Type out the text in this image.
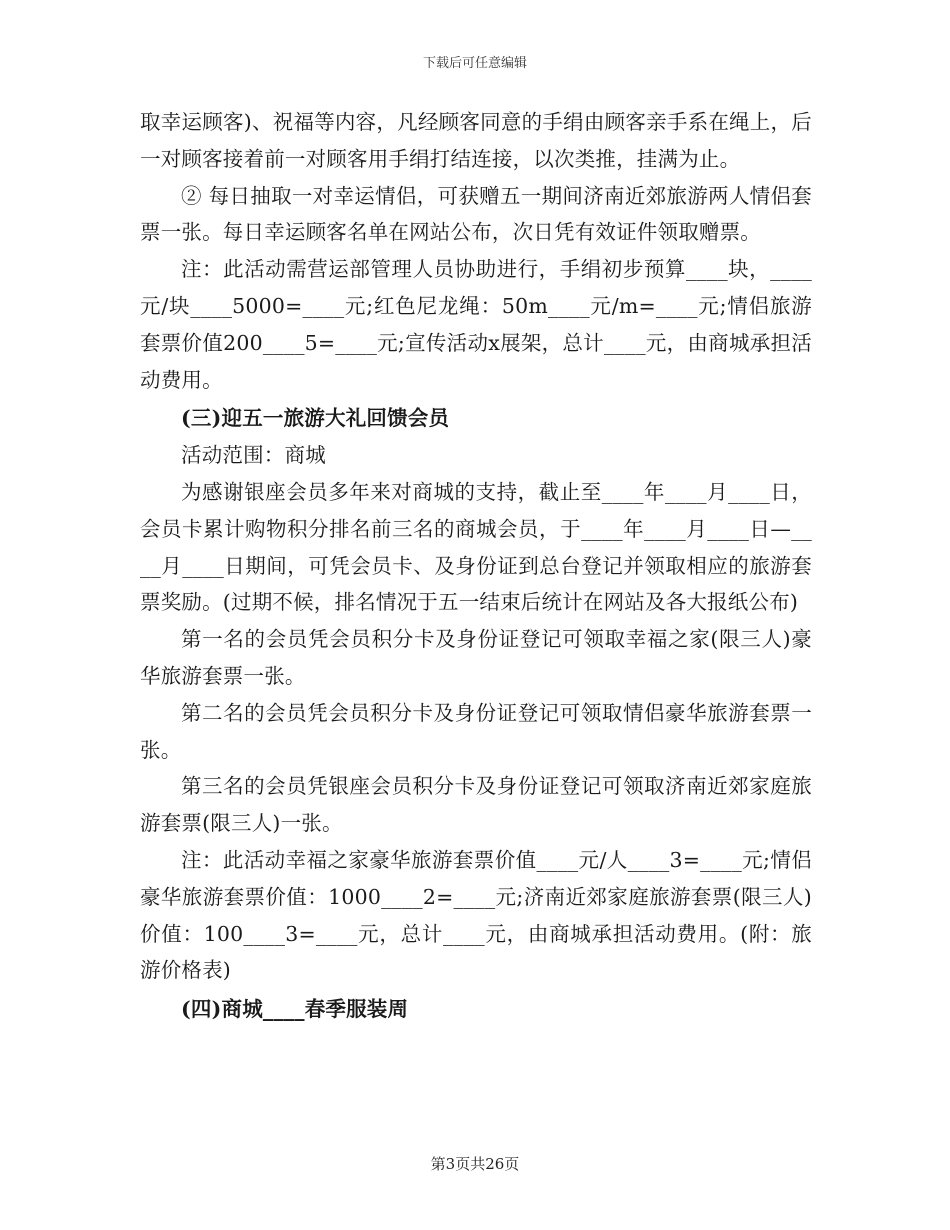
下载后可任意编辑

取幸运顾客)、祝福等内容，凡经顾客同意的手绢由顾客亲手系在绳上，后一对顾客接着前一对顾客用手绢打结连接，以次类推，挂满为止。

② 每日抽取一对幸运情侣，可获赠五一期间济南近郊旅游两人情侣套票一张。每日幸运顾客名单在网站公布，次日凭有效证件领取赠票。

注：此活动需营运部管理人员协助进行，手绢初步预算____块，____元/块____5000=____元;红色尼龙绳：50m____元/m=____元;情侣旅游套票价值200____5=____元;宣传活动x展架，总计____元，由商城承担活动费用。

(三)迎五一旅游大礼回馈会员

活动范围：商城

为感谢银座会员多年来对商城的支持，截止至____年____月____日，会员卡累计购物积分排名前三名的商城会员，于____年____月____日—____月____日期间，可凭会员卡、及身份证到总台登记并领取相应的旅游套票奖励。(过期不候，排名情况于五一结束后统计在网站及各大报纸公布)

第一名的会员凭会员积分卡及身份证登记可领取幸福之家(限三人)豪华旅游套票一张。

第二名的会员凭会员积分卡及身份证登记可领取情侣豪华旅游套票一张。

第三名的会员凭银座会员积分卡及身份证登记可领取济南近郊家庭旅游套票(限三人)一张。

注：此活动幸福之家豪华旅游套票价值____元/人____3=____元;情侣豪华旅游套票价值：1000____2=____元;济南近郊家庭旅游套票(限三人)价值：100____3=____元，总计____元，由商城承担活动费用。(附：旅游价格表)

(四)商城____春季服装周

第3页共26页
